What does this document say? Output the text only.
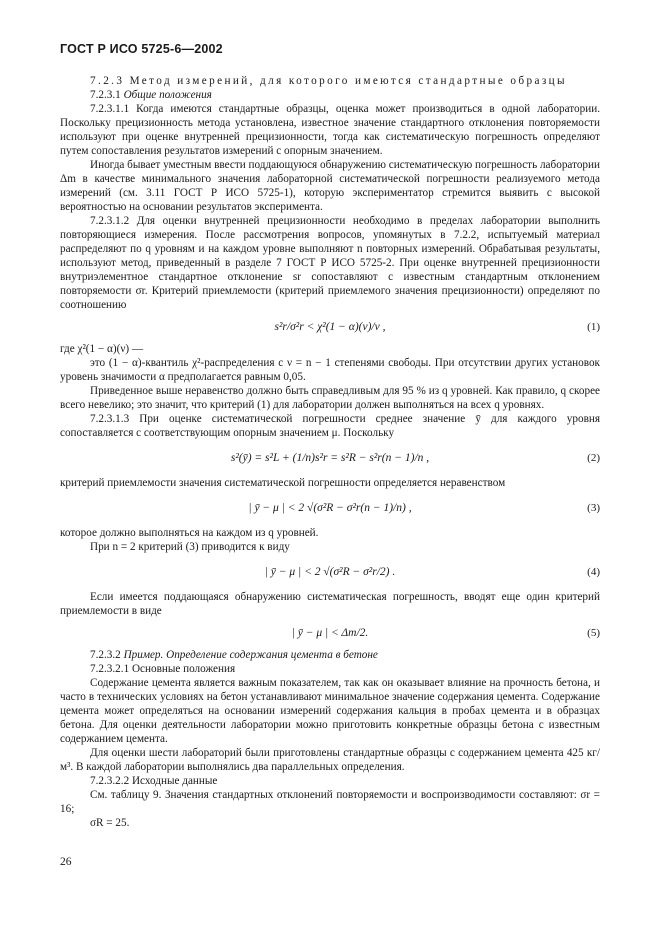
ГОСТ Р ИСО 5725-6—2002

7.2.3 Метод измерений, для которого имеются стандартные образцы

7.2.3.1 Общие положения

7.2.3.1.1 Когда имеются стандартные образцы, оценка может производиться в одной лаборатории. Поскольку прецизионность метода установлена, известное значение стандартного отклонения повторяемости используют при оценке внутренней прецизионности, тогда как систематическую погрешность определяют путем сопоставления результатов измерений с опорным значением.

Иногда бывает уместным ввести поддающуюся обнаружению систематическую погрешность лаборатории Δm в качестве минимального значения лабораторной систематической погрешности реализуемого метода измерений (см. 3.11 ГОСТ Р ИСО 5725-1), которую экспериментатор стремится выявить с высокой вероятностью на основании результатов эксперимента.

7.2.3.1.2 Для оценки внутренней прецизионности необходимо в пределах лаборатории выполнить повторяющиеся измерения. После рассмотрения вопросов, упомянутых в 7.2.2, испытуемый материал распределяют по q уровням и на каждом уровне выполняют n повторных измерений. Обрабатывая результаты, используют метод, приведенный в разделе 7 ГОСТ Р ИСО 5725-2. При оценке внутренней прецизионности внутриэлементное стандартное отклонение sr сопоставляют с известным стандартным отклонением повторяемости σr. Критерий приемлемости (критерий приемлемого значения прецизионности) определяют по соотношению

s²r/σ²r < χ²(1 − α)(ν)/ν ,	(1)

где χ²(1 − α)(ν) —

это (1 − α)-квантиль χ²-распределения с ν = n − 1 степенями свободы. При отсутствии других установок уровень значимости α предполагается равным 0,05.

Приведенное выше неравенство должно быть справедливым для 95 % из q уровней. Как правило, q скорее всего невелико; это значит, что критерий (1) для лаборатории должен выполняться на всех q уровнях.

7.2.3.1.3 При оценке систематической погрешности среднее значение ȳ для каждого уровня сопоставляется с соответствующим опорным значением μ. Поскольку

s²(ȳ) = s²L + (1/n)s²r = s²R − s²r(n − 1)/n ,	(2)

критерий приемлемости значения систематической погрешности определяется неравенством

| ȳ − μ | < 2 √(σ²R − σ²r(n − 1)/n) ,	(3)

которое должно выполняться на каждом из q уровней.

При n = 2 критерий (3) приводится к виду

| ȳ − μ | < 2 √(σ²R − σ²r/2) .	(4)

Если имеется поддающаяся обнаружению систематическая погрешность, вводят еще один критерий приемлемости в виде

| ȳ − μ | < Δm/2.	(5)

7.2.3.2 Пример. Определение содержания цемента в бетоне

7.2.3.2.1 Основные положения

Содержание цемента является важным показателем, так как он оказывает влияние на прочность бетона, и часто в технических условиях на бетон устанавливают минимальное значение содержания цемента. Содержание цемента может определяться на основании измерений содержания кальция в пробах цемента и в образцах бетона. Для оценки деятельности лаборатории можно приготовить конкретные образцы бетона с известным содержанием цемента.

Для оценки шести лабораторий были приготовлены стандартные образцы с содержанием цемента 425 кг/м³. В каждой лаборатории выполнялись два параллельных определения.

7.2.3.2.2 Исходные данные

См. таблицу 9. Значения стандартных отклонений повторяемости и воспроизводимости составляют: σr = 16;

σR = 25.

26
